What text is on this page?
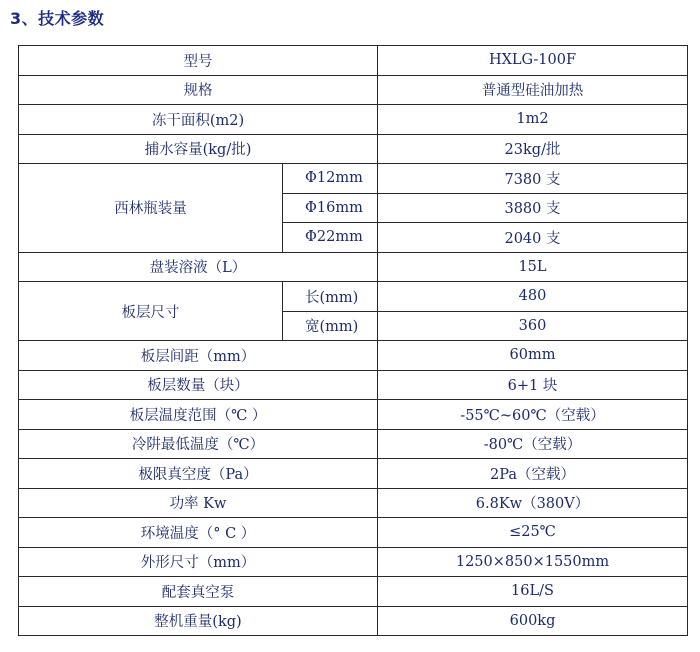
3、技术参数
型号		HXLG-100F
规格		普通型硅油加热
冻干面积(m2)		1m2
捕水容量(kg/批)		23kg/批
西林瓶装量	Φ12mm	7380 支
	Φ16mm	3880 支
	Φ22mm	2040 支
盘装溶液（L）		15L
板层尺寸	长(mm)	480
	宽(mm)	360
板层间距（mm）		60mm
板层数量（块）		6+1 块
板层温度范围（℃ ）		-55℃~60℃（空载）
冷阱最低温度（℃）		-80℃（空载）
极限真空度（Pa）		2Pa（空载）
功率 Kw		6.8Kw（380V）
环境温度（° C ）		≤25℃
外形尺寸（mm）		1250×850×1550mm
配套真空泵		16L/S
整机重量(kg)		600kg
